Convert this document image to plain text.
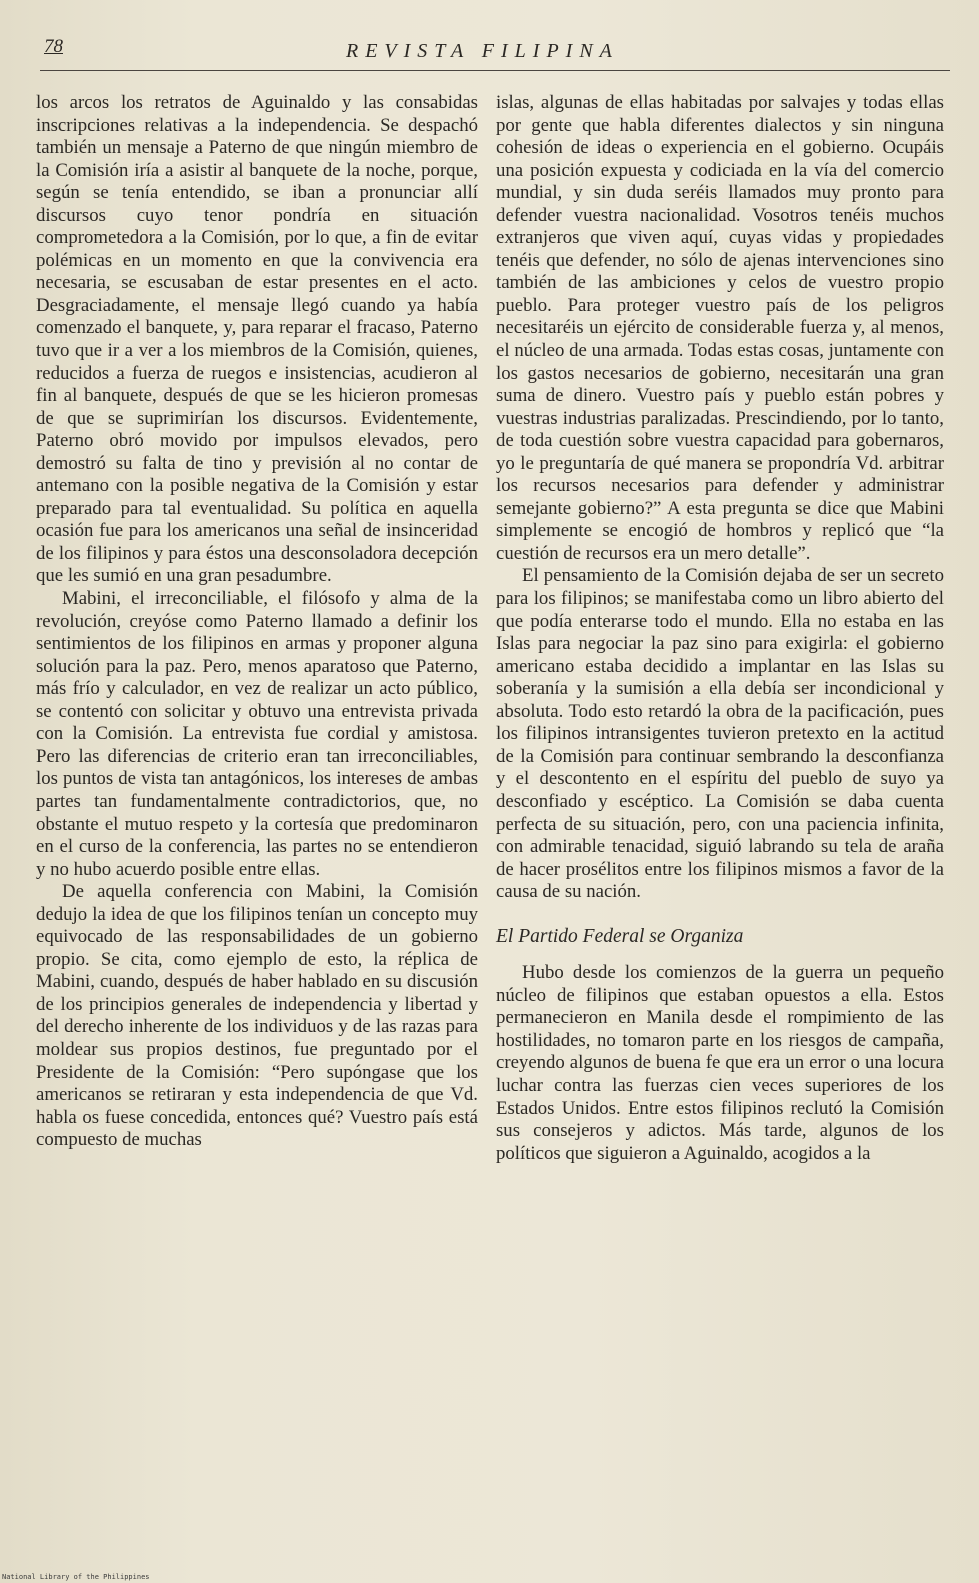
78	REVISTA FILIPINA

los arcos los retratos de Aguinaldo y las consabidas inscripciones relativas a la independencia. Se despachó también un mensaje a Paterno de que ningún miembro de la Comisión iría a asistir al banquete de la noche, porque, según se tenía entendido, se iban a pronunciar allí discursos cuyo tenor pondría en situación comprometedora a la Comisión, por lo que, a fin de evitar polémicas en un momento en que la convivencia era necesaria, se escusaban de estar presentes en el acto. Desgraciadamente, el mensaje llegó cuando ya había comenzado el banquete, y, para reparar el fracaso, Paterno tuvo que ir a ver a los miembros de la Comisión, quienes, reducidos a fuerza de ruegos e insistencias, acudieron al fin al banquete, después de que se les hicieron promesas de que se suprimirían los discursos. Evidentemente, Paterno obró movido por impulsos elevados, pero demostró su falta de tino y previsión al no contar de antemano con la posible negativa de la Comisión y estar preparado para tal eventualidad. Su política en aquella ocasión fue para los americanos una señal de insinceridad de los filipinos y para éstos una desconsoladora decepción que les sumió en una gran pesadumbre.

Mabini, el irreconciliable, el filósofo y alma de la revolución, creyóse como Paterno llamado a definir los sentimientos de los filipinos en armas y proponer alguna solución para la paz. Pero, menos aparatoso que Paterno, más frío y calculador, en vez de realizar un acto público, se contentó con solicitar y obtuvo una entrevista privada con la Comisión. La entrevista fue cordial y amistosa. Pero las diferencias de criterio eran tan irreconciliables, los puntos de vista tan antagónicos, los intereses de ambas partes tan fundamentalmente contradictorios, que, no obstante el mutuo respeto y la cortesía que predominaron en el curso de la conferencia, las partes no se entendieron y no hubo acuerdo posible entre ellas.

De aquella conferencia con Mabini, la Comisión dedujo la idea de que los filipinos tenían un concepto muy equivocado de las responsabilidades de un gobierno propio. Se cita, como ejemplo de esto, la réplica de Mabini, cuando, después de haber hablado en su discusión de los principios generales de independencia y libertad y del derecho inherente de los individuos y de las razas para moldear sus propios destinos, fue preguntado por el Presidente de la Comisión: “Pero supóngase que los americanos se retiraran y esta independencia de que Vd. habla os fuese concedida, entonces qué? Vuestro país está compuesto de muchas

islas, algunas de ellas habitadas por salvajes y todas ellas por gente que habla diferentes dialectos y sin ninguna cohesión de ideas o experiencia en el gobierno. Ocupáis una posición expuesta y codiciada en la vía del comercio mundial, y sin duda seréis llamados muy pronto para defender vuestra nacionalidad. Vosotros tenéis muchos extranjeros que viven aquí, cuyas vidas y propiedades tenéis que defender, no sólo de ajenas intervenciones sino también de las ambiciones y celos de vuestro propio pueblo. Para proteger vuestro país de los peligros necesitaréis un ejército de considerable fuerza y, al menos, el núcleo de una armada. Todas estas cosas, juntamente con los gastos necesarios de gobierno, necesitarán una gran suma de dinero. Vuestro país y pueblo están pobres y vuestras industrias paralizadas. Prescindiendo, por lo tanto, de toda cuestión sobre vuestra capacidad para gobernaros, yo le preguntaría de qué manera se propondría Vd. arbitrar los recursos necesarios para defender y administrar semejante gobierno?” A esta pregunta se dice que Mabini simplemente se encogió de hombros y replicó que “la cuestión de recursos era un mero detalle”.

El pensamiento de la Comisión dejaba de ser un secreto para los filipinos; se manifestaba como un libro abierto del que podía enterarse todo el mundo. Ella no estaba en las Islas para negociar la paz sino para exigirla: el gobierno americano estaba decidido a implantar en las Islas su soberanía y la sumisión a ella debía ser incondicional y absoluta. Todo esto retardó la obra de la pacificación, pues los filipinos intransigentes tuvieron pretexto en la actitud de la Comisión para continuar sembrando la desconfianza y el descontento en el espíritu del pueblo de suyo ya desconfiado y escéptico. La Comisión se daba cuenta perfecta de su situación, pero, con una paciencia infinita, con admirable tenacidad, siguió labrando su tela de araña de hacer prosélitos entre los filipinos mismos a favor de la causa de su nación.

El Partido Federal se Organiza

Hubo desde los comienzos de la guerra un pequeño núcleo de filipinos que estaban opuestos a ella. Estos permanecieron en Manila desde el rompimiento de las hostilidades, no tomaron parte en los riesgos de campaña, creyendo algunos de buena fe que era un error o una locura luchar contra las fuerzas cien veces superiores de los Estados Unidos. Entre estos filipinos reclutó la Comisión sus consejeros y adictos. Más tarde, algunos de los políticos que siguieron a Aguinaldo, acogidos a la

National Library of the Philippines
